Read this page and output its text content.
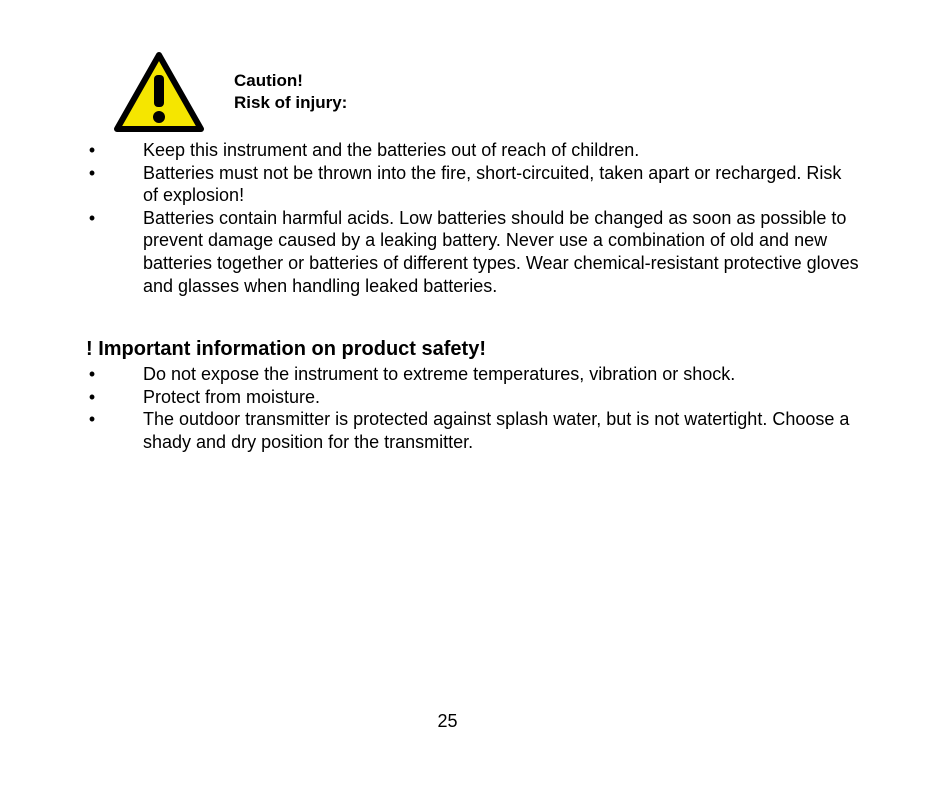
Caution!
Risk of injury:
•	Keep this instrument and the batteries out of reach of children.
•	Batteries must not be thrown into the fire, short-circuited, taken apart or recharged. Risk of explosion!
•	Batteries contain harmful acids. Low batteries should be changed as soon as possible to prevent damage caused by a leaking battery. Never use a combination of old and new batteries together or batteries of different types. Wear chemical-resistant protective gloves and glasses when handling leaked batteries.
! Important information on product safety!
•	Do not expose the instrument to extreme temperatures, vibration or shock.
•	Protect from moisture.
•	The outdoor transmitter is protected against splash water, but is not watertight. Choose a shady and dry position for the transmitter.
25
